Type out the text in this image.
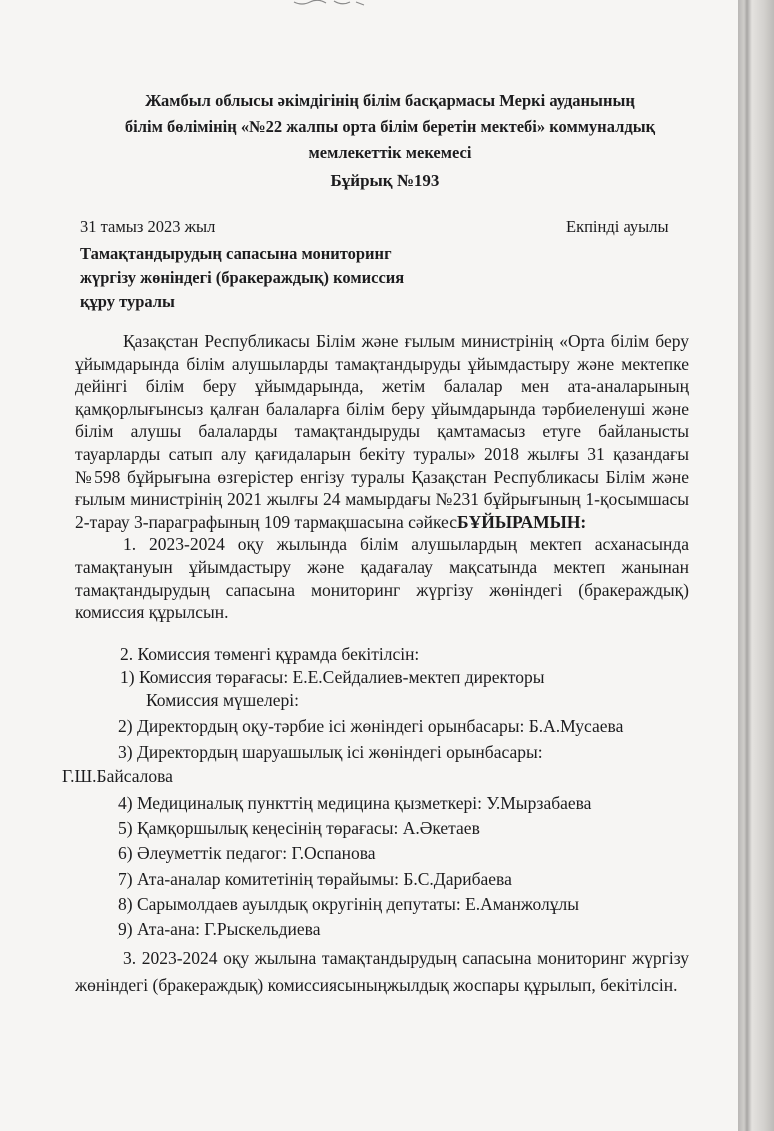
Жамбыл облысы әкімдігінің білім басқармасы Меркі ауданының
білім бөлімінің «№22 жалпы орта білім беретін мектебі» коммуналдық
мемлекеттік мекемесі
Бұйрық №193
31 тамыз 2023 жыл	Екпінді ауылы
Тамақтандырудың сапасына мониторинг
жүргізу жөніндегі (бракераждық) комиссия
құру туралы

Қазақстан Республикасы Білім және ғылым министрінің «Орта білім беру ұйымдарында білім алушыларды тамақтандыруды ұйымдастыру және мектепке дейінгі білім беру ұйымдарында, жетім балалар мен ата-аналарының қамқорлығынсыз қалған балаларға білім беру ұйымдарында тәрбиеленуші және білім алушы балаларды тамақтандыруды қамтамасыз етуге байланысты тауарларды сатып алу қағидаларын бекіту туралы» 2018 жылғы 31 қазандағы №598 бұйрығына өзгерістер енгізу туралы Қазақстан Республикасы Білім және ғылым министрінің 2021 жылғы 24 мамырдағы №231 бұйрығының 1-қосымшасы 2-тарау 3-параграфының 109 тармақшасына сәйкесБҰЙЫРАМЫН:

1. 2023-2024 оқу жылында білім алушылардың мектеп асханасында тамақтануын ұйымдастыру және қадағалау мақсатында мектеп жанынан тамақтандырудың сапасына мониторинг жүргізу жөніндегі (бракераждық) комиссия құрылсын.

2. Комиссия төменгі құрамда бекітілсін:
1) Комиссия төрағасы: Е.Е.Сейдалиев-мектеп директоры
Комиссия мүшелері:
2) Директордың оқу-тәрбие ісі жөніндегі орынбасары: Б.А.Мусаева
3) Директордың шаруашылық ісі жөніндегі орынбасары:
Г.Ш.Байсалова
4) Медициналық пункттің медицина қызметкері: У.Мырзабаева
5) Қамқоршылық кеңесінің төрағасы: А.Әкетаев
6) Әлеуметтік педагог: Г.Оспанова
7) Ата-аналар комитетінің төрайымы: Б.С.Дарибаева
8) Сарымолдаев ауылдық округінің депутаты: Е.Аманжолұлы
9) Ата-ана: Г.Рыскельдиева

3. 2023-2024 оқу жылына тамақтандырудың сапасына мониторинг жүргізу жөніндегі (бракераждық) комиссиясыныңжылдық жоспары құрылып, бекітілсін.
